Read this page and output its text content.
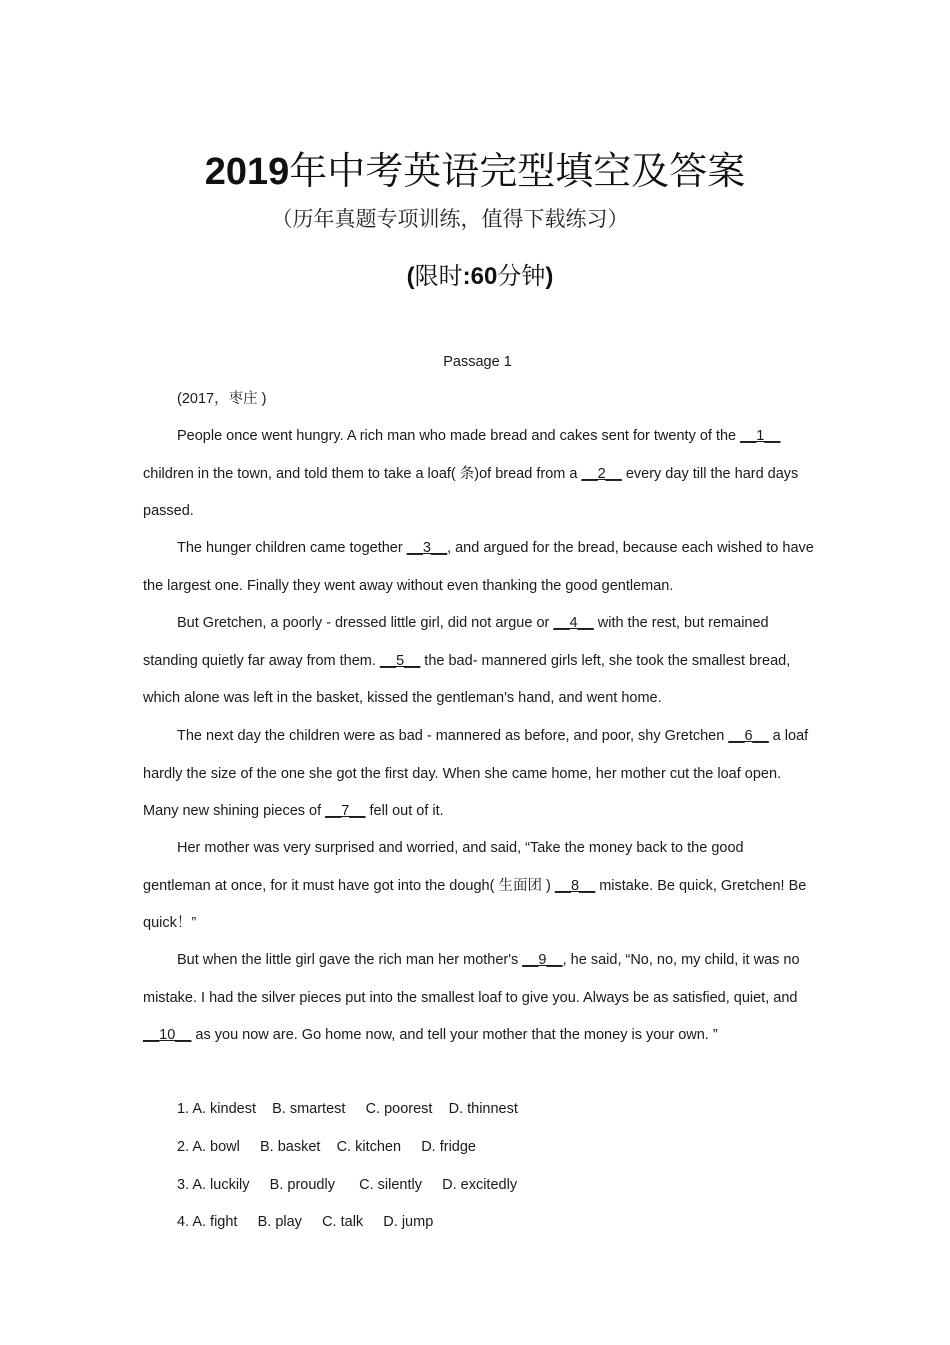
2019年中考英语完型填空及答案
（历年真题专项训练，值得下载练习）
(限时:60分钟)
Passage 1
(2017，枣庄 )

People once went hungry. A rich man who made bread and cakes sent for twenty of the __1__ children in the town, and told them to take a loaf( 条)of bread from a __2__ every day till the hard days passed.

The hunger children came together __3__, and argued for the bread, because each wished to have the largest one. Finally they went away without even thanking the good gentleman.

But Gretchen, a poorly - dressed little girl, did not argue or __4__ with the rest, but remained standing quietly far away from them. __5__ the bad- mannered girls left, she took the smallest bread, which alone was left in the basket, kissed the gentleman's hand, and went home.

The next day the children were as bad - mannered as before, and poor, shy Gretchen __6__ a loaf hardly the size of the one she got the first day. When she came home, her mother cut the loaf open. Many new shining pieces of __7__ fell out of it.

Her mother was very surprised and worried, and said, “Take the money back to the good gentleman at once, for it must have got into the dough( 生面团 ) __8__ mistake. Be quick, Gretchen! Be quick！”

But when the little girl gave the rich man her mother's __9__, he said, “No, no, my child, it was no mistake. I had the silver pieces put into the smallest loaf to give you. Always be as satisfied, quiet, and __10__ as you now are. Go home now, and tell your mother that the money is your own. ”

1. A. kindest    B. smartest     C. poorest    D. thinnest
2. A. bowl     B. basket    C. kitchen     D. fridge
3. A. luckily     B. proudly      C. silently     D. excitedly
4. A. fight     B. play     C. talk     D. jump
